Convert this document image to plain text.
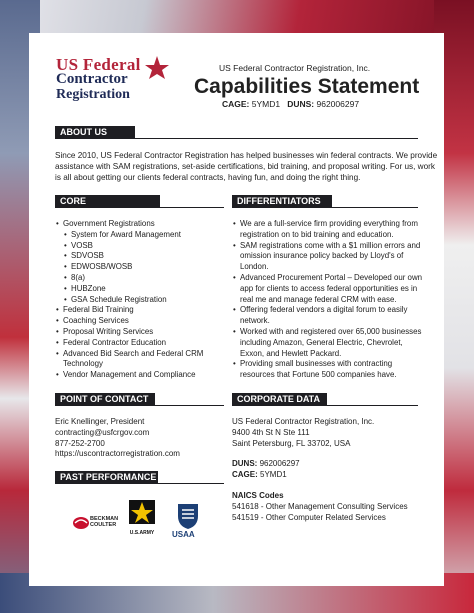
US Federal
Contractor
Registration
US Federal Contractor Registration, Inc.
Capabilities Statement
CAGE: 5YMD1 DUNS: 962006297
ABOUT US
Since 2010, US Federal Contractor Registration has helped businesses win federal contracts. We provide
assistance with SAM registrations, set-aside certifications, bid training, and proposal writing. For us, work
is all about getting our clients federal contracts, having fun, and doing the right thing.
CORE COMPETENCIES
• Government Registrations
• System for Award Management
• VOSB
• SDVOSB
• EDWOSB/WOSB
• 8(a)
• HUBZone
• GSA Schedule Registration
• Federal Bid Training
• Coaching Services
• Proposal Writing Services
• Federal Contractor Education
• Advanced Bid Search and Federal CRM
Technology
• Vendor Management and Compliance
DIFFERENTIATORS
• We are a full-service firm providing everything from
registration on to bid training and education.
• SAM registrations come with a $1 million errors and
omission insurance policy backed by Lloyd's of
London.
• Advanced Procurement Portal – Developed our own
app for clients to access federal opportunities es in
real me and manage federal CRM with ease.
• Offering federal vendors a digital forum to easily
network.
• Worked with and registered over 65,000 businesses
including Amazon, General Electric, Chevrolet,
Exxon, and Hewlett Packard.
• Providing small businesses with contracting
resources that Fortune 500 companies have.
POINT OF CONTACT
Eric Knellinger, President
contracting@usfcrgov.com
877-252-2700
https://uscontractorregistration.com
CORPORATE DATA
US Federal Contractor Registration, Inc.
9400 4th St N Ste 111
Saint Petersburg, FL 33702, USA
DUNS: 962006297
CAGE: 5YMD1
NAICS Codes
541618 - Other Management Consulting Services
541519 - Other Computer Related Services
PAST PERFORMANCE
BECKMAN
COULTER
U.S.ARMY	USAA
